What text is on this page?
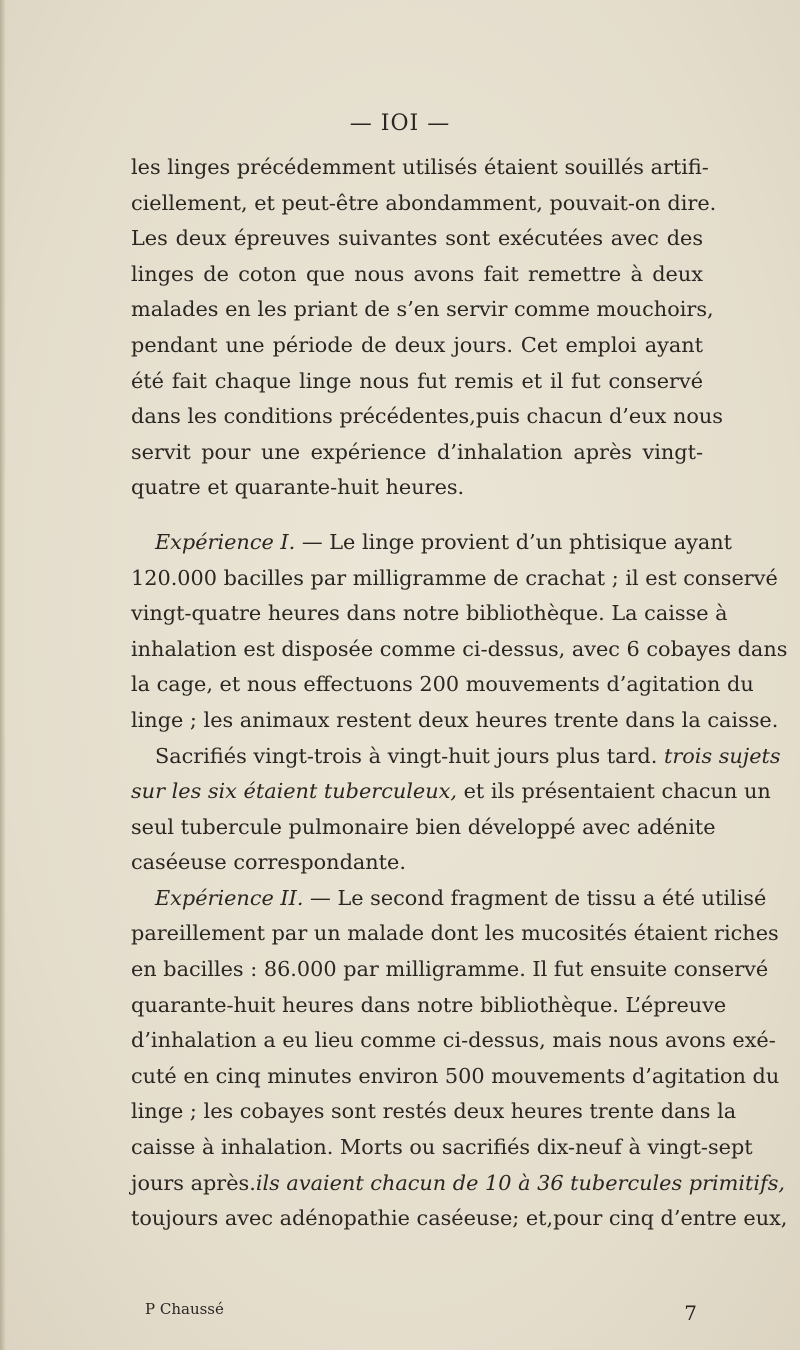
— IOI —
les linges précédemment utilisés étaient souillés artifi-
ciellement, et peut-être abondamment, pouvait-on dire.
Les deux épreuves suivantes sont exécutées avec des
linges de coton que nous avons fait remettre à deux
malades en les priant de s’en servir comme mouchoirs,
pendant une période de deux jours. Cet emploi ayant
été fait chaque linge nous fut remis et il fut conservé
dans les conditions précédentes,puis chacun d’eux nous
servit pour une expérience d’inhalation après vingt-
quatre et quarante-huit heures.
Expérience I. — Le linge provient d’un phtisique ayant
120.000 bacilles par milligramme de crachat ; il est conservé
vingt-quatre heures dans notre bibliothèque. La caisse à
inhalation est disposée comme ci-dessus, avec 6 cobayes dans
la cage, et nous effectuons 200 mouvements d’agitation du
linge ; les animaux restent deux heures trente dans la caisse.
Sacrifiés vingt-trois à vingt-huit jours plus tard. trois sujets
sur les six étaient tuberculeux, et ils présentaient chacun un
seul tubercule pulmonaire bien développé avec adénite
caséeuse correspondante.
Expérience II. — Le second fragment de tissu a été utilisé
pareillement par un malade dont les mucosités étaient riches
en bacilles : 86.000 par milligramme. Il fut ensuite conservé
quarante-huit heures dans notre bibliothèque. L’épreuve
d’inhalation a eu lieu comme ci-dessus, mais nous avons exé-
cuté en cinq minutes environ 500 mouvements d’agitation du
linge ; les cobayes sont restés deux heures trente dans la
caisse à inhalation. Morts ou sacrifiés dix-neuf à vingt-sept
jours après.ils avaient chacun de 10 à 36 tubercules primitifs,
toujours avec adénopathie caséeuse; et,pour cinq d’entre eux,
P Chaussé	7
